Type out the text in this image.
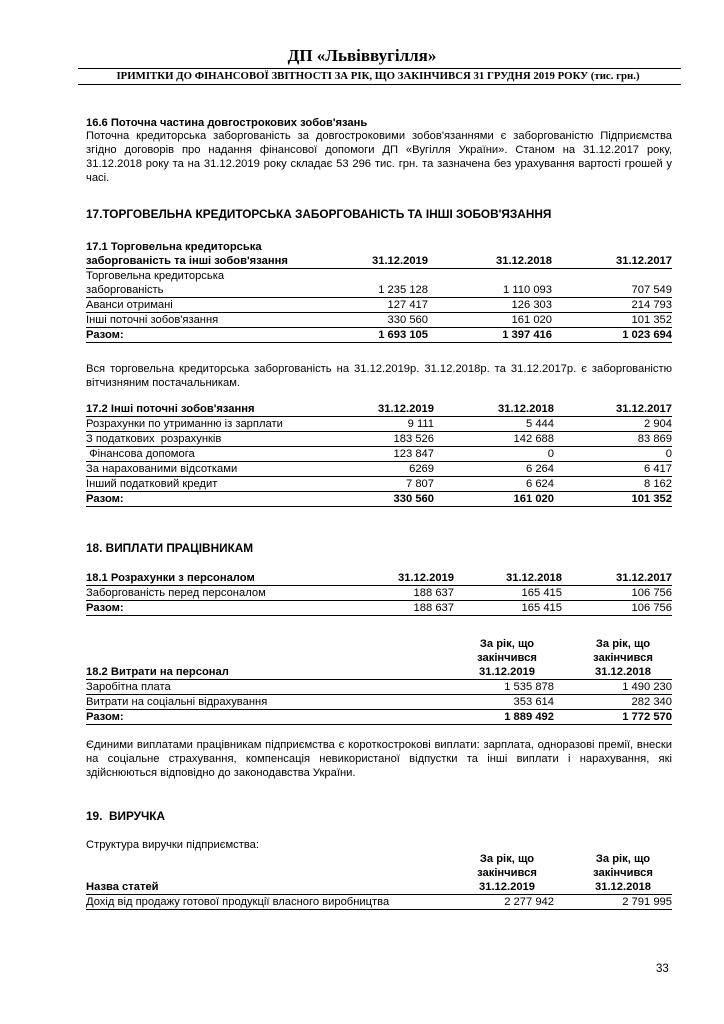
ДП «Львіввугілля»
ІРИМІТКИ ДО ФІНАНСОВОЇ ЗВІТНОСТІ ЗА РІК, ЩО ЗАКІНЧИВСЯ 31 ГРУДНЯ 2019 РОКУ (тис. грн.)
16.6 Поточна частина довгострокових зобов'язань
Поточна кредиторська заборгованість за довгостроковими зобов'язаннями є заборгованістю Підприємства згідно договорів про надання фінансової допомоги ДП «Вугілля України». Станом на 31.12.2017 року, 31.12.2018 року та на 31.12.2019 року складає 53 296 тис. грн. та зазначена без урахування вартості грошей у часі.
17.ТОРГОВЕЛЬНА КРЕДИТОРСЬКА ЗАБОРГОВАНІСТЬ ТА ІНШІ ЗОБОВ'ЯЗАННЯ
17.1 Торговельна кредиторська заборгованість та інші зобов'язання	31.12.2019	31.12.2018	31.12.2017
Торговельна кредиторська заборгованість	1 235 128	1 110 093	707 549
Аванси отримані	127 417	126 303	214 793
Інші поточні зобов'язання	330 560	161 020	101 352
Разом:	1 693 105	1 397 416	1 023 694
Вся торговельна кредиторська заборгованість на 31.12.2019р. 31.12.2018р. та 31.12.2017р. є заборгованістю вітчизняним постачальникам.
17.2 Інші поточні зобов'язання	31.12.2019	31.12.2018	31.12.2017
Розрахунки по утриманню із зарплати	9 111	5 444	2 904
З податкових  розрахунків	183 526	142 688	83 869
Фінансова допомога	123 847	0	0
За нарахованими відсотками	6269	6 264	6 417
Інший податковий кредит	7 807	6 624	8 162
Разом:	330 560	161 020	101 352
18. ВИПЛАТИ ПРАЦІВНИКАМ
18.1 Розрахунки з персоналом	31.12.2019	31.12.2018	31.12.2017
Заборгованість перед персоналом	188 637	165 415	106 756
Разом:	188 637	165 415	106 756
18.2 Витрати на персонал	За рік, що закінчився 31.12.2019	За рік, що закінчився 31.12.2018
Заробітна плата	1 535 878	1 490 230
Витрати на соціальні відрахування	353 614	282 340
Разом:	1 889 492	1 772 570
Єдиними виплатами працівникам підприємства є короткострокові виплати: зарплата, одноразові премії, внески на соціальне страхування, компенсація невикористаної відпустки та інші виплати і нарахування, які здійснюються відповідно до законодавства України.
19.  ВИРУЧКА
Структура виручки підприємства:
Назва статей	За рік, що закінчився 31.12.2019	За рік, що закінчився 31.12.2018
Дохід від продажу готової продукції власного виробництва	2 277 942	2 791 995
33
